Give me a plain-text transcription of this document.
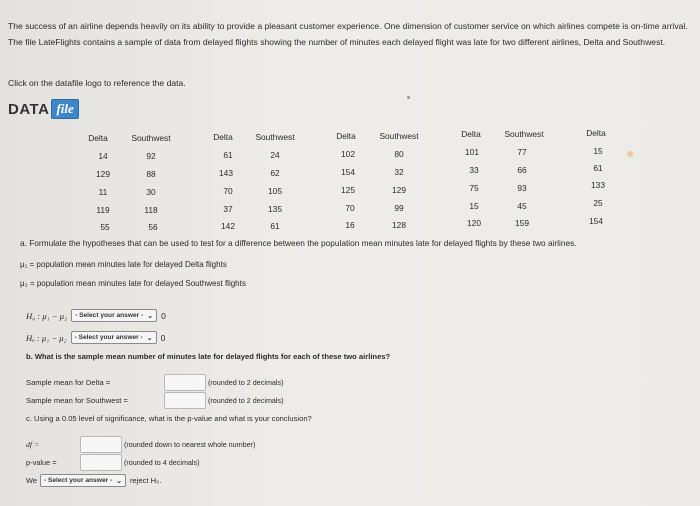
The success of an airline depends heavily on its ability to provide a pleasant customer experience. One dimension of customer service on which airlines compete is on-time arrival. The file LateFlights contains a sample of data from delayed flights showing the number of minutes each delayed flight was late for two different airlines, Delta and Southwest.
Click on the datafile logo to reference the data.
DATA file
Delta	Southwest	Delta	Southwest	Delta	Southwest	Delta	Southwest	Delta
14	92	61	24	102	80	101	77	15
129	88	143	62	154	32	33	66	61
11	30	70	105	125	129	75	93	133
119	118	37	135	70	99	15	45	25
55	56	142	61	16	128	120	159	154
a. Formulate the hypotheses that can be used to test for a difference between the population mean minutes late for delayed flights by these two airlines.
μ₁ = population mean minutes late for delayed Delta flights
μ₂ = population mean minutes late for delayed Southwest flights
H₀ : μ₁ − μ₂ - Select your answer - ⌄ 0
Hₐ : μ₁ − μ₂ - Select your answer - ⌄ 0
b. What is the sample mean number of minutes late for delayed flights for each of these two airlines?
Sample mean for Delta =	(rounded to 2 decimals)
Sample mean for Southwest =	(rounded to 2 decimals)
c. Using a 0.05 level of significance, what is the p-value and what is your conclusion?
df =	(rounded down to nearest whole number)
p-value =	(rounded to 4 decimals)
We - Select your answer - ⌄ reject H₀.
